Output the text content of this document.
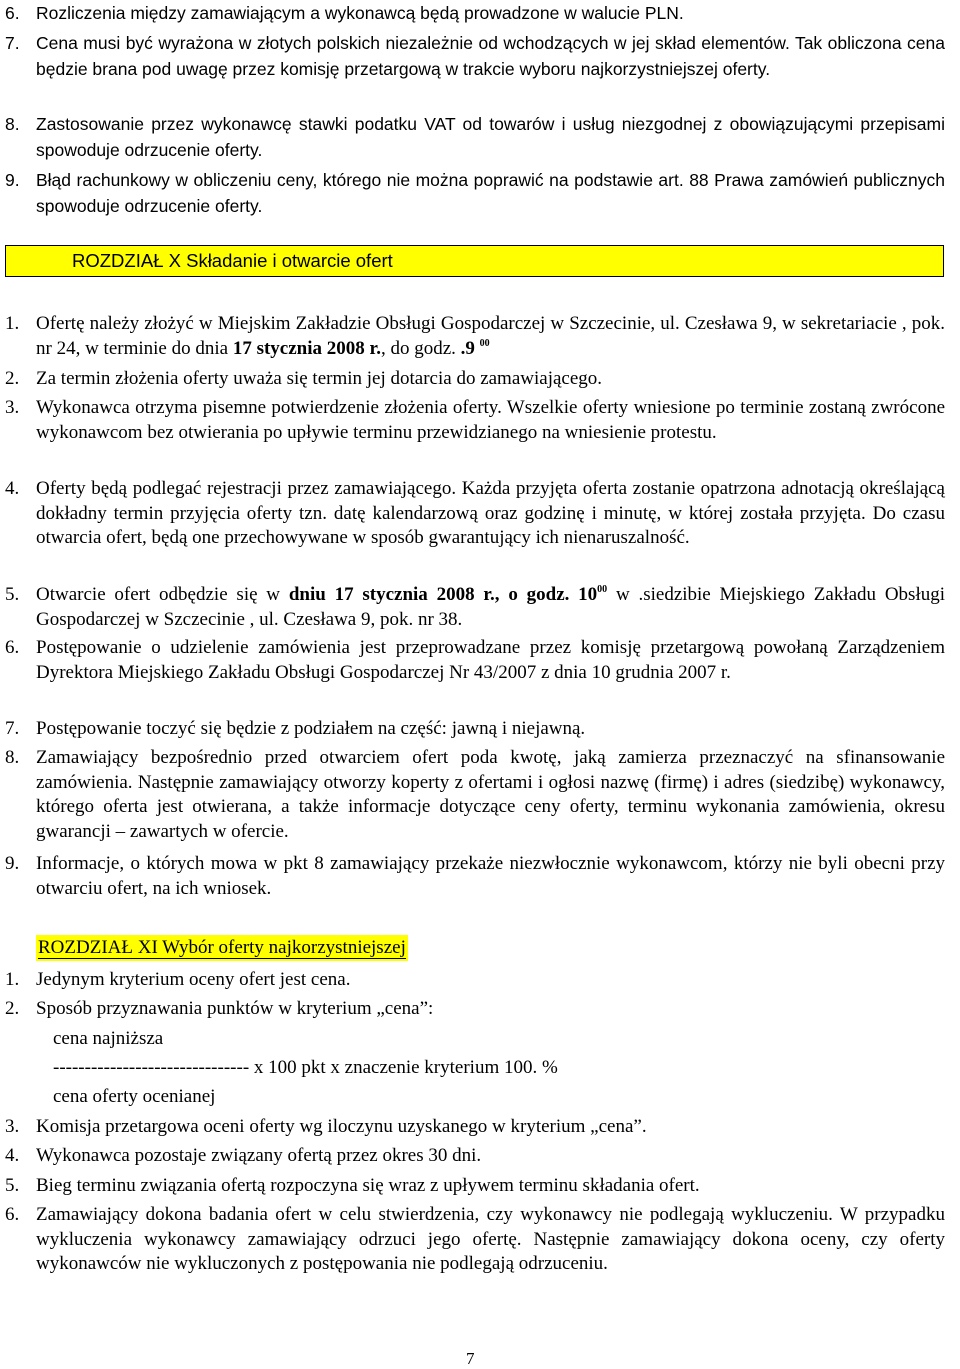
6. Rozliczenia między zamawiającym a wykonawcą będą prowadzone w walucie PLN.
7. Cena musi być wyrażona w złotych polskich niezależnie od wchodzących w jej skład elementów. Tak obliczona cena będzie brana pod uwagę przez komisję przetargową w trakcie wyboru najkorzystniejszej oferty.
8. Zastosowanie przez wykonawcę stawki podatku VAT od towarów i usług niezgodnej z obowiązującymi przepisami spowoduje odrzucenie oferty.
9. Błąd rachunkowy w obliczeniu ceny, którego nie można poprawić na podstawie art. 88 Prawa zamówień publicznych spowoduje odrzucenie oferty.
ROZDZIAŁ X Składanie i otwarcie ofert
1. Ofertę należy złożyć w Miejskim Zakładzie Obsługi Gospodarczej w Szczecinie, ul. Czesława 9, w sekretariacie , pok. nr 24, w terminie do dnia 17 stycznia 2008 r., do godz. .9 $^{00}$
2. Za termin złożenia oferty uważa się termin jej dotarcia do zamawiającego.
3. Wykonawca otrzyma pisemne potwierdzenie złożenia oferty. Wszelkie oferty wniesione po terminie zostaną zwrócone wykonawcom bez otwierania po upływie terminu przewidzianego na wniesienie protestu.
4. Oferty będą podlegać rejestracji przez zamawiającego. Każda przyjęta oferta zostanie opatrzona adnotacją określającą dokładny termin przyjęcia oferty tzn. datę kalendarzową oraz godzinę i minutę, w której została przyjęta. Do czasu otwarcia ofert, będą one przechowywane w sposób gwarantujący ich nienaruszalność.
5. Otwarcie ofert odbędzie się w dniu 17 stycznia 2008 r., o godz. $10^{00}$ w .siedzibie Miejskiego Zakładu Obsługi Gospodarczej w Szczecinie , ul. Czesława 9, pok. nr 38.
6. Postępowanie o udzielenie zamówienia jest przeprowadzane przez komisję przetargową powołaną Zarządzeniem Dyrektora Miejskiego Zakładu Obsługi Gospodarczej Nr 43/2007 z dnia 10 grudnia 2007 r.
7. Postępowanie toczyć się będzie z podziałem na część: jawną i niejawną.
8. Zamawiający bezpośrednio przed otwarciem ofert poda kwotę, jaką zamierza przeznaczyć na sfinansowanie zamówienia. Następnie zamawiający otworzy koperty z ofertami i ogłosi nazwę (firmę) i adres (siedzibę) wykonawcy, którego oferta jest otwierana, a także informacje dotyczące ceny oferty, terminu wykonania zamówienia, okresu gwarancji – zawartych w ofercie.
9. Informacje, o których mowa w pkt 8 zamawiający przekaże niezwłocznie wykonawcom, którzy nie byli obecni przy otwarciu ofert, na ich wniosek.
ROZDZIAŁ XI Wybór oferty najkorzystniejszej
1. Jedynym kryterium oceny ofert jest cena.
2. Sposób przyznawania punktów w kryterium „cena”:
cena najniższa
------------------------------- x 100 pkt x znaczenie kryterium 100. %
cena oferty ocenianej
3. Komisja przetargowa oceni oferty wg iloczynu uzyskanego w kryterium „cena”.
4. Wykonawca pozostaje związany ofertą przez okres 30 dni.
5. Bieg terminu związania ofertą rozpoczyna się wraz z upływem terminu składania ofert.
6. Zamawiający dokona badania ofert w celu stwierdzenia, czy wykonawcy nie podlegają wykluczeniu. W przypadku wykluczenia wykonawcy zamawiający odrzuci jego ofertę. Następnie zamawiający dokona oceny, czy oferty wykonawców nie wykluczonych z postępowania nie podlegają odrzuceniu.
7
